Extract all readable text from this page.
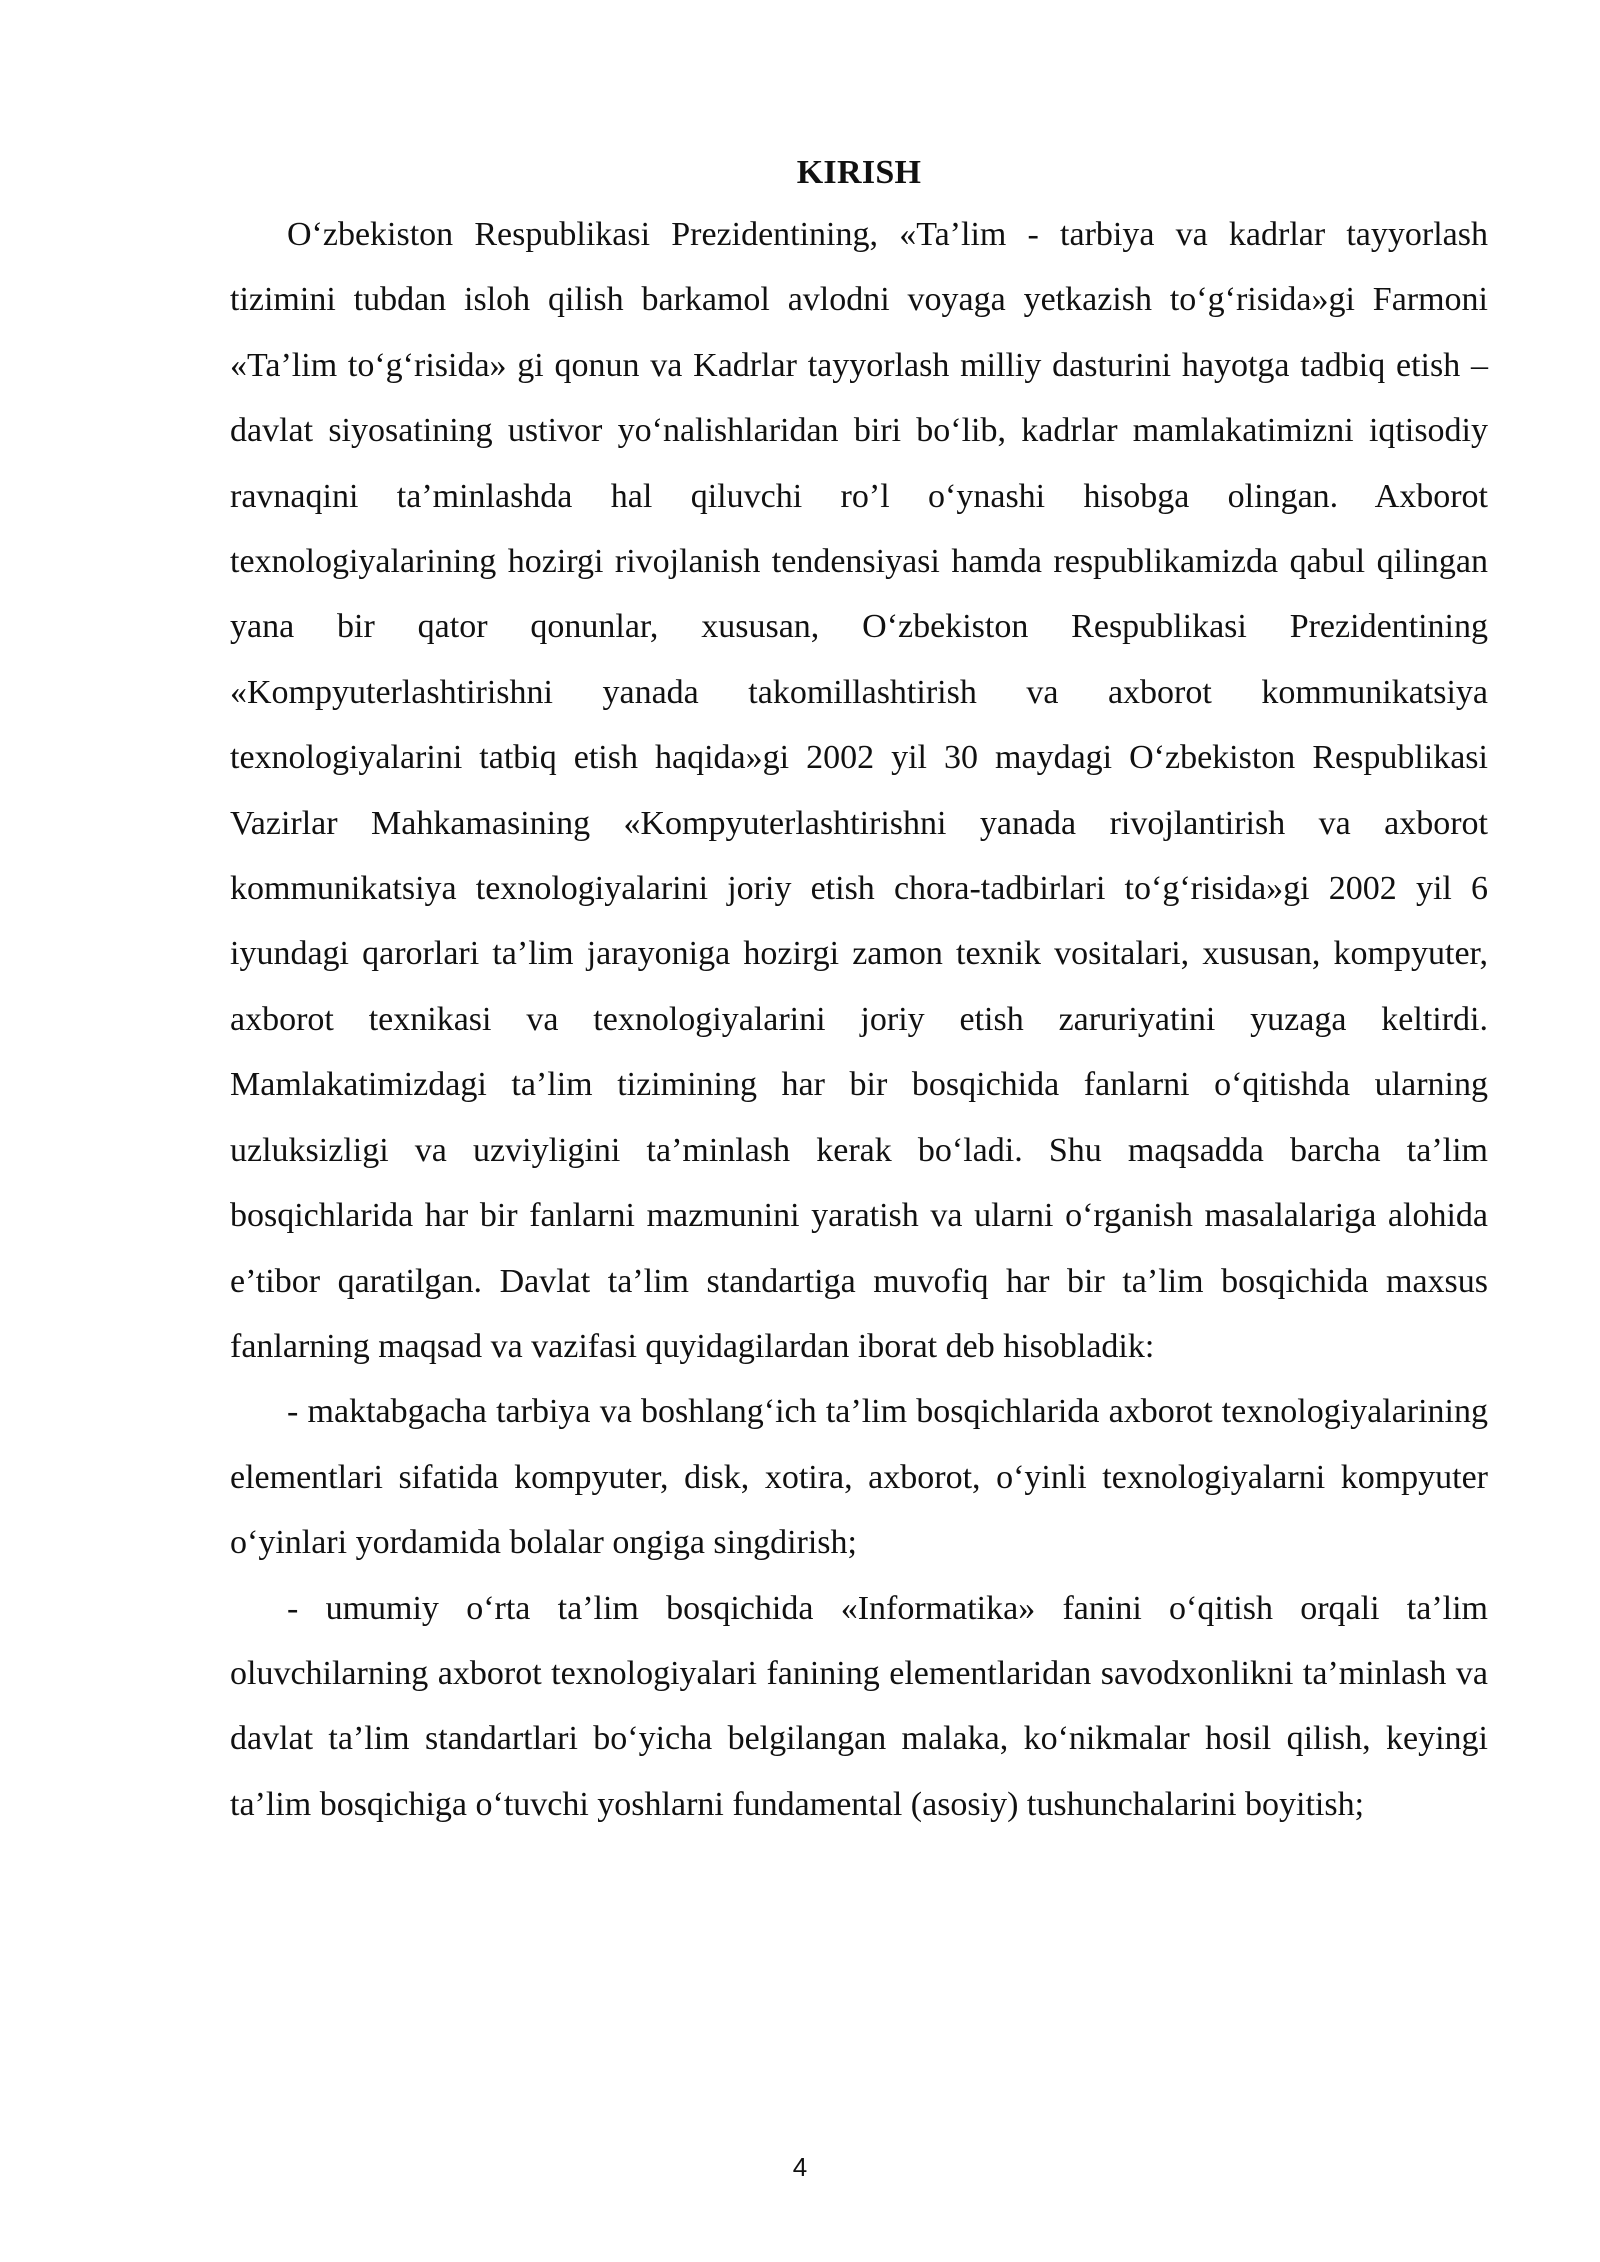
KIRISH

O‘zbekiston Respublikasi Prezidentining, «Ta’lim - tarbiya va kadrlar tayyorlash tizimini tubdan isloh qilish barkamol avlodni voyaga yetkazish to‘g‘risida»gi Farmoni «Ta’lim to‘g‘risida» gi qonun va Kadrlar tayyorlash milliy dasturini hayotga tadbiq etish – davlat siyosatining ustivor yo‘nalishlaridan biri bo‘lib, kadrlar mamlakatimizni iqtisodiy ravnaqini ta’minlashda hal qiluvchi ro’l o‘ynashi hisobga olingan. Axborot texnologiyalarining hozirgi rivojlanish tendensiyasi hamda respublikamizda qabul qilingan yana bir qator qonunlar, xususan, O‘zbekiston Respublikasi Prezidentining «Kompyuterlashtirishni yanada takomillashtirish va axborot kommunikatsiya texnologiyalarini tatbiq etish haqida»gi 2002 yil 30 maydagi O‘zbekiston Respublikasi Vazirlar Mahkamasining «Kompyuterlashtirishni yanada rivojlantirish va axborot kommunikatsiya texnologiyalarini joriy etish chora-tadbirlari to‘g‘risida»gi 2002 yil 6 iyundagi qarorlari ta’lim jarayoniga hozirgi zamon texnik vositalari, xususan, kompyuter, axborot texnikasi va texnologiyalarini joriy etish zaruriyatini yuzaga keltirdi. Mamlakatimizdagi ta’lim tizimining har bir bosqichida fanlarni o‘qitishda ularning uzluksizligi va uzviyligini ta’minlash kerak bo‘ladi. Shu maqsadda barcha ta’lim bosqichlarida har bir fanlarni mazmunini yaratish va ularni o‘rganish masalalariga alohida e’tibor qaratilgan. Davlat ta’lim standartiga muvofiq har bir ta’lim bosqichida maxsus fanlarning maqsad va vazifasi quyidagilardan iborat deb hisobladik:

- maktabgacha tarbiya va boshlang‘ich ta’lim bosqichlarida axborot texnologiyalarining elementlari sifatida kompyuter, disk, xotira, axborot, o‘yinli texnologiyalarni kompyuter o‘yinlari yordamida bolalar ongiga singdirish;

- umumiy o‘rta ta’lim bosqichida «Informatika» fanini o‘qitish orqali ta’lim oluvchilarning axborot texnologiyalari fanining elementlaridan savodxonlikni ta’minlash va davlat ta’lim standartlari bo‘yicha belgilangan malaka, ko‘nikmalar hosil qilish, keyingi ta’lim bosqichiga o‘tuvchi yoshlarni fundamental (asosiy) tushunchalarini boyitish;

4
